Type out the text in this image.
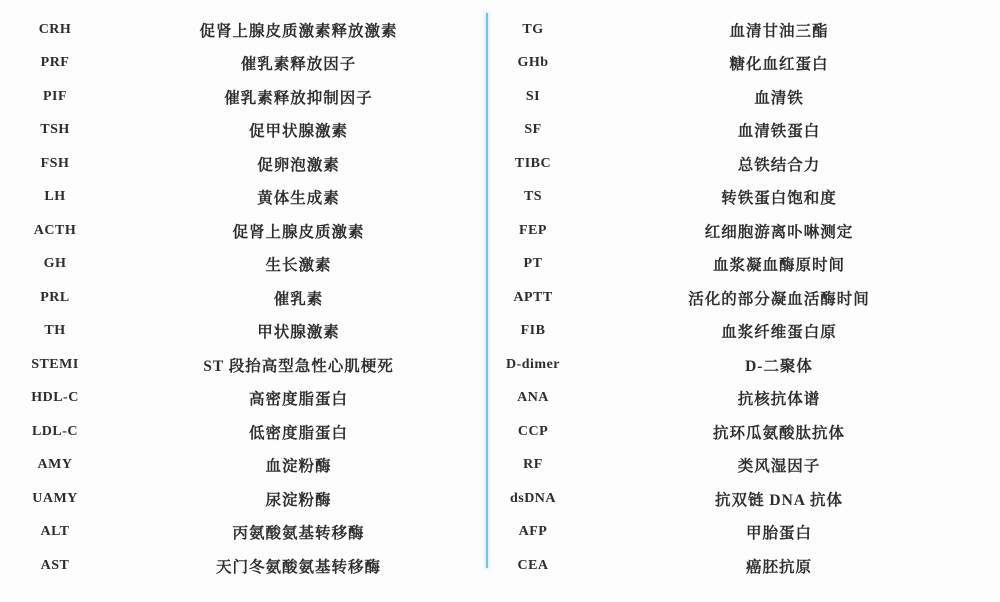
CRH	促肾上腺皮质激素释放激素
PRF	催乳素释放因子
PIF	催乳素释放抑制因子
TSH	促甲状腺激素
FSH	促卵泡激素
LH	黄体生成素
ACTH	促肾上腺皮质激素
GH	生长激素
PRL	催乳素
TH	甲状腺激素
STEMI	ST 段抬高型急性心肌梗死
HDL-C	高密度脂蛋白
LDL-C	低密度脂蛋白
AMY	血淀粉酶
UAMY	尿淀粉酶
ALT	丙氨酸氨基转移酶
AST	天门冬氨酸氨基转移酶
TG	血清甘油三酯
GHb	糖化血红蛋白
SI	血清铁
SF	血清铁蛋白
TIBC	总铁结合力
TS	转铁蛋白饱和度
FEP	红细胞游离卟啉测定
PT	血浆凝血酶原时间
APTT	活化的部分凝血活酶时间
FIB	血浆纤维蛋白原
D-dimer	D-二聚体
ANA	抗核抗体谱
CCP	抗环瓜氨酸肽抗体
RF	类风湿因子
dsDNA	抗双链 DNA 抗体
AFP	甲胎蛋白
CEA	癌胚抗原
